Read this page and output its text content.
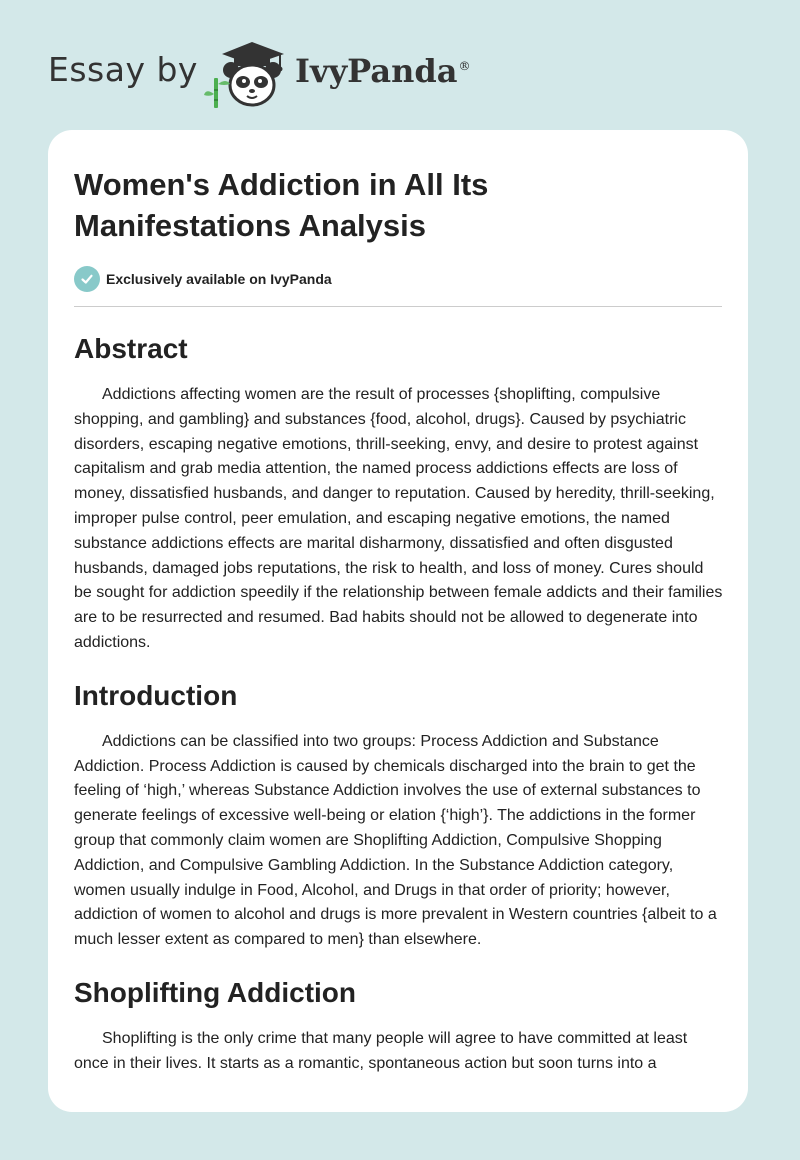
Essay by	IvyPanda®
Women's Addiction in All Its Manifestations Analysis
Exclusively available on IvyPanda
Abstract

Addictions affecting women are the result of processes {shoplifting, compulsive shopping, and gambling} and substances {food, alcohol, drugs}. Caused by psychiatric disorders, escaping negative emotions, thrill-seeking, envy, and desire to protest against capitalism and grab media attention, the named process addictions effects are loss of money, dissatisfied husbands, and danger to reputation. Caused by heredity, thrill-seeking, improper pulse control, peer emulation, and escaping negative emotions, the named substance addictions effects are marital disharmony, dissatisfied and often disgusted husbands, damaged jobs reputations, the risk to health, and loss of money. Cures should be sought for addiction speedily if the relationship between female addicts and their families are to be resurrected and resumed. Bad habits should not be allowed to degenerate into addictions.

Introduction

Addictions can be classified into two groups: Process Addiction and Substance Addiction. Process Addiction is caused by chemicals discharged into the brain to get the feeling of ‘high,’ whereas Substance Addiction involves the use of external substances to generate feelings of excessive well-being or elation {‘high’}. The addictions in the former group that commonly claim women are Shoplifting Addiction, Compulsive Shopping Addiction, and Compulsive Gambling Addiction. In the Substance Addiction category, women usually indulge in Food, Alcohol, and Drugs in that order of priority; however, addiction of women to alcohol and drugs is more prevalent in Western countries {albeit to a much lesser extent as compared to men} than elsewhere.

Shoplifting Addiction

Shoplifting is the only crime that many people will agree to have committed at least once in their lives. It starts as a romantic, spontaneous action but soon turns into a
